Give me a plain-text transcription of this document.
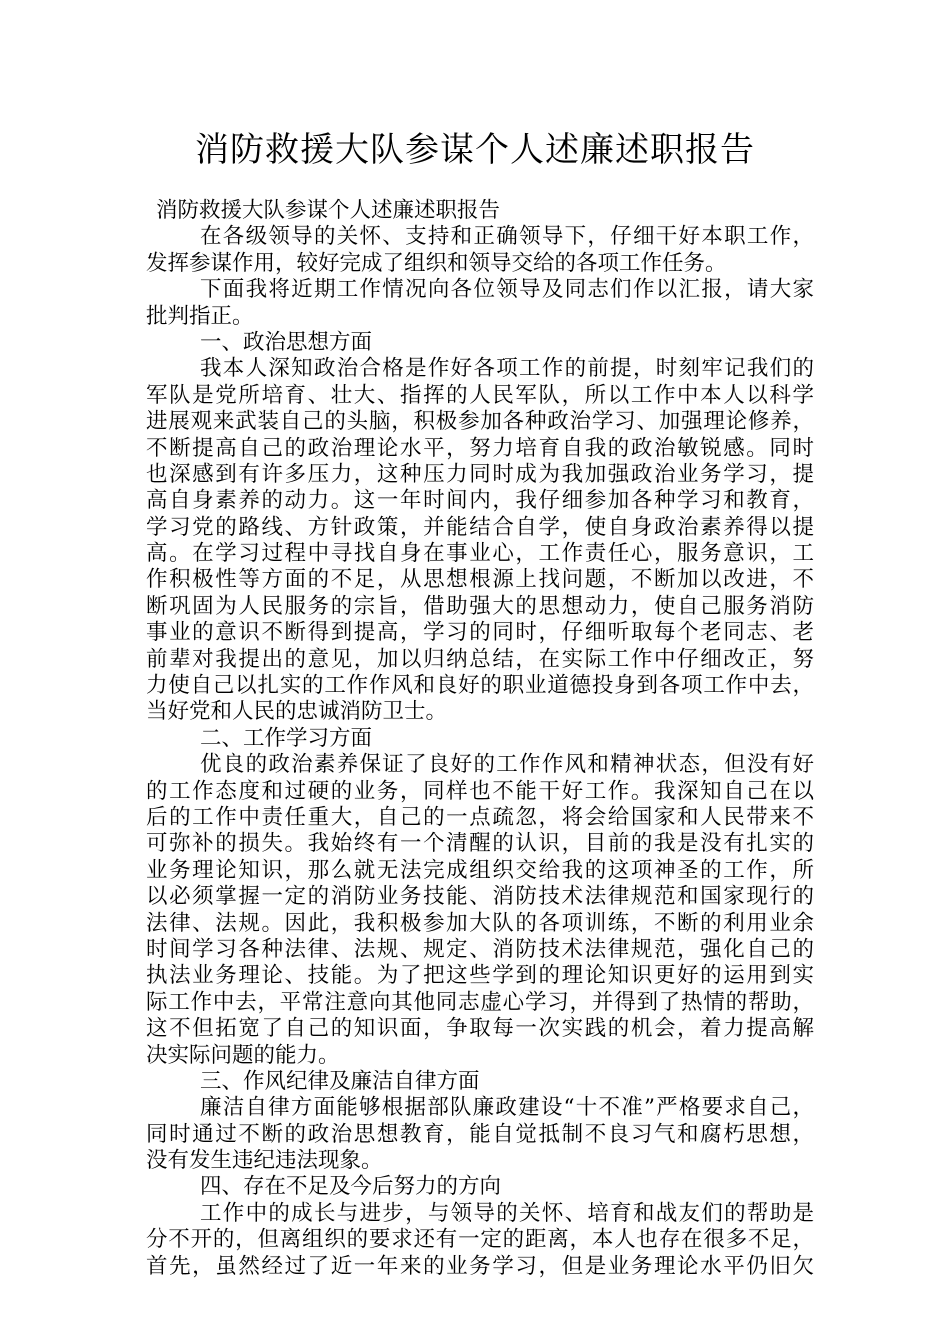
消防救援大队参谋个人述廉述职报告
消防救援大队参谋个人述廉述职报告
在各级领导的关怀、支持和正确领导下，仔细干好本职工作，
发挥参谋作用，较好完成了组织和领导交给的各项工作任务。
下面我将近期工作情况向各位领导及同志们作以汇报，请大家
批判指正。
一、政治思想方面
我本人深知政治合格是作好各项工作的前提，时刻牢记我们的
军队是党所培育、壮大、指挥的人民军队，所以工作中本人以科学
进展观来武装自己的头脑，积极参加各种政治学习、加强理论修养，
不断提高自己的政治理论水平，努力培育自我的政治敏锐感。同时
也深感到有许多压力，这种压力同时成为我加强政治业务学习，提
高自身素养的动力。这一年时间内，我仔细参加各种学习和教育，
学习党的路线、方针政策，并能结合自学，使自身政治素养得以提
高。在学习过程中寻找自身在事业心，工作责任心，服务意识，工
作积极性等方面的不足，从思想根源上找问题，不断加以改进，不
断巩固为人民服务的宗旨，借助强大的思想动力，使自己服务消防
事业的意识不断得到提高，学习的同时，仔细听取每个老同志、老
前辈对我提出的意见，加以归纳总结，在实际工作中仔细改正，努
力使自己以扎实的工作作风和良好的职业道德投身到各项工作中去，
当好党和人民的忠诚消防卫士。
二、工作学习方面
优良的政治素养保证了良好的工作作风和精神状态，但没有好
的工作态度和过硬的业务，同样也不能干好工作。我深知自己在以
后的工作中责任重大，自己的一点疏忽，将会给国家和人民带来不
可弥补的损失。我始终有一个清醒的认识，目前的我是没有扎实的
业务理论知识，那么就无法完成组织交给我的这项神圣的工作，所
以必须掌握一定的消防业务技能、消防技术法律规范和国家现行的
法律、法规。因此，我积极参加大队的各项训练，不断的利用业余
时间学习各种法律、法规、规定、消防技术法律规范，强化自己的
执法业务理论、技能。为了把这些学到的理论知识更好的运用到实
际工作中去，平常注意向其他同志虚心学习，并得到了热情的帮助，
这不但拓宽了自己的知识面，争取每一次实践的机会，着力提高解
决实际问题的能力。
三、作风纪律及廉洁自律方面
廉洁自律方面能够根据部队廉政建设“十不准”严格要求自己，
同时通过不断的政治思想教育，能自觉抵制不良习气和腐朽思想，
没有发生违纪违法现象。
四、存在不足及今后努力的方向
工作中的成长与进步，与领导的关怀、培育和战友们的帮助是
分不开的，但离组织的要求还有一定的距离，本人也存在很多不足，
首先，虽然经过了近一年来的业务学习，但是业务理论水平仍旧欠
